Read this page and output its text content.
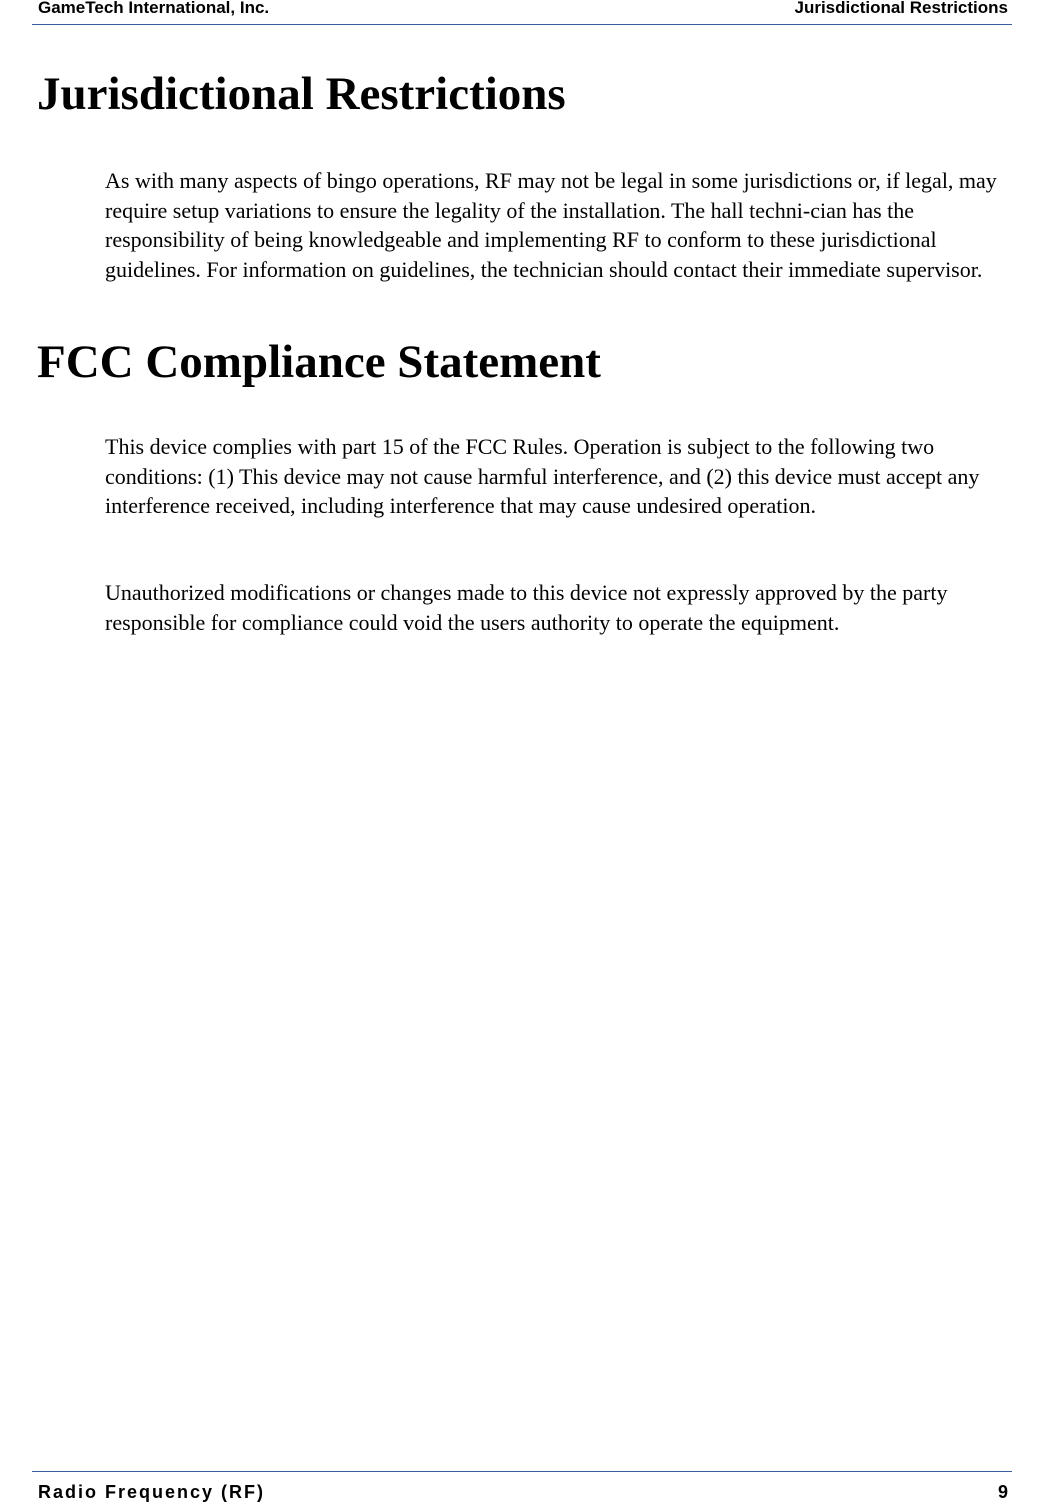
GameTech International, Inc.	Jurisdictional Restrictions
Jurisdictional Restrictions

As with many aspects of bingo operations, RF may not be legal in some jurisdictions or, if legal, may require setup variations to ensure the legality of the installation. The hall techni-cian has the responsibility of being knowledgeable and implementing RF to conform to these jurisdictional guidelines. For information on guidelines, the technician should contact their immediate supervisor.

FCC Compliance Statement

This device complies with part 15 of the FCC Rules. Operation is subject to the following two conditions: (1) This device may not cause harmful interference, and (2) this device must accept any interference received, including interference that may cause undesired operation.

Unauthorized modifications or changes made to this device not expressly approved by the party responsible for compliance could void the users authority to operate the equipment.

Radio Frequency (RF)	9
